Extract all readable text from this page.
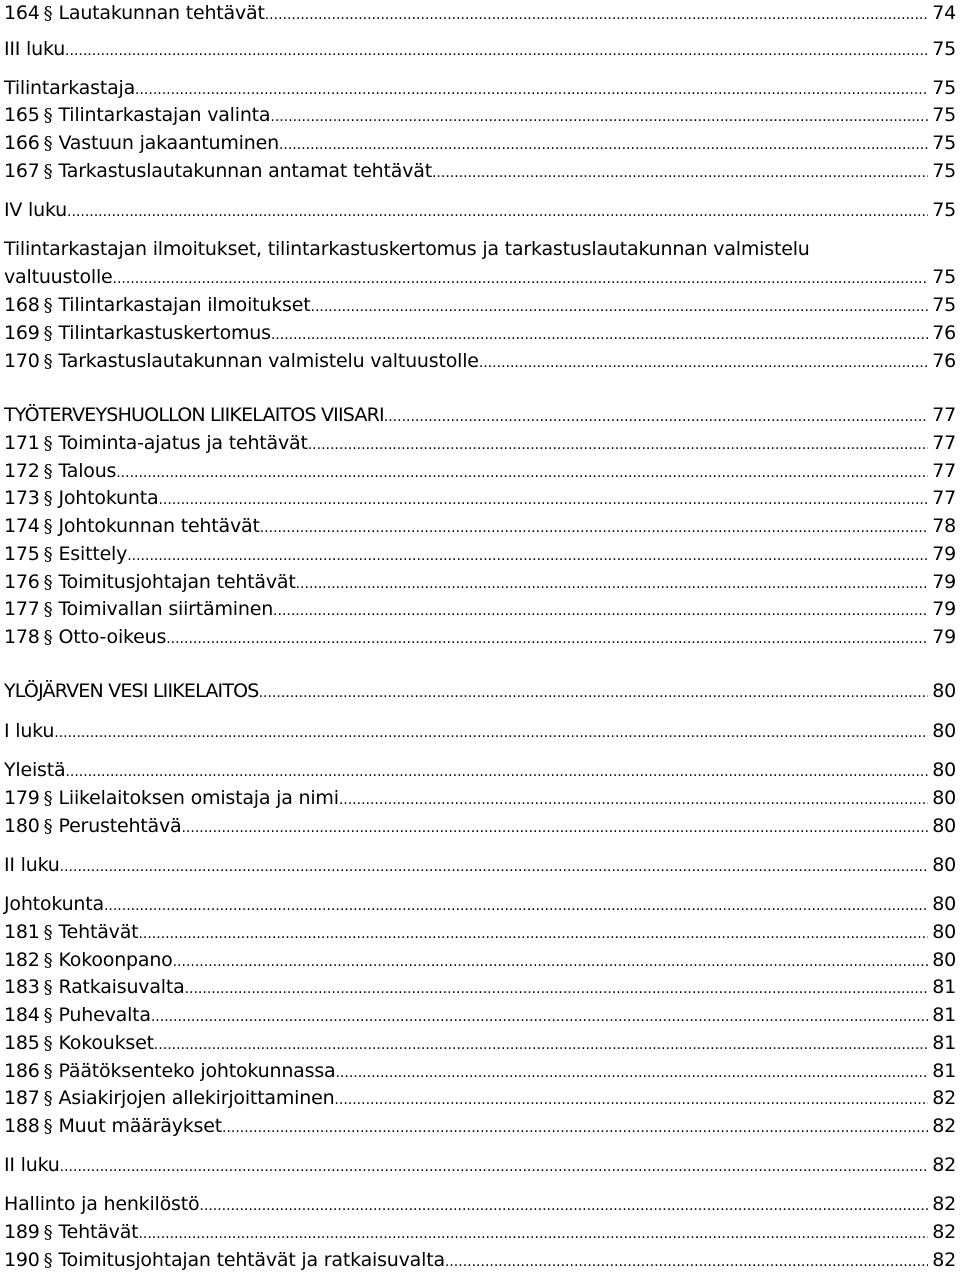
164 § Lautakunnan tehtävät .....	74
III luku .....	75
Tilintarkastaja .....	75
165 § Tilintarkastajan valinta .....	75
166 § Vastuun jakaantuminen .....	75
167 § Tarkastuslautakunnan antamat tehtävät .....	75
IV luku .....	75
Tilintarkastajan ilmoitukset, tilintarkastuskertomus ja tarkastuslautakunnan valmistelu
valtuustolle .....	75
168 § Tilintarkastajan ilmoitukset .....	75
169 § Tilintarkastuskertomus .....	76
170 § Tarkastuslautakunnan valmistelu valtuustolle .....	76
TYÖTERVEYSHUOLLON LIIKELAITOS VIISARI .....	77
171 § Toiminta-ajatus ja tehtävät .....	77
172 § Talous .....	77
173 § Johtokunta .....	77
174 § Johtokunnan tehtävät .....	78
175 § Esittely .....	79
176 § Toimitusjohtajan tehtävät .....	79
177 § Toimivallan siirtäminen .....	79
178 § Otto-oikeus .....	79
YLÖJÄRVEN VESI LIIKELAITOS .....	80
I luku .....	80
Yleistä .....	80
179 § Liikelaitoksen omistaja ja nimi .....	80
180 § Perustehtävä .....	80
II luku .....	80
Johtokunta .....	80
181 § Tehtävät .....	80
182 § Kokoonpano .....	80
183 § Ratkaisuvalta .....	81
184 § Puhevalta .....	81
185 § Kokoukset .....	81
186 § Päätöksenteko johtokunnassa .....	81
187 § Asiakirjojen allekirjoittaminen .....	82
188 § Muut määräykset .....	82
II luku .....	82
Hallinto ja henkilöstö .....	82
189 § Tehtävät .....	82
190 § Toimitusjohtajan tehtävät ja ratkaisuvalta .....	82
